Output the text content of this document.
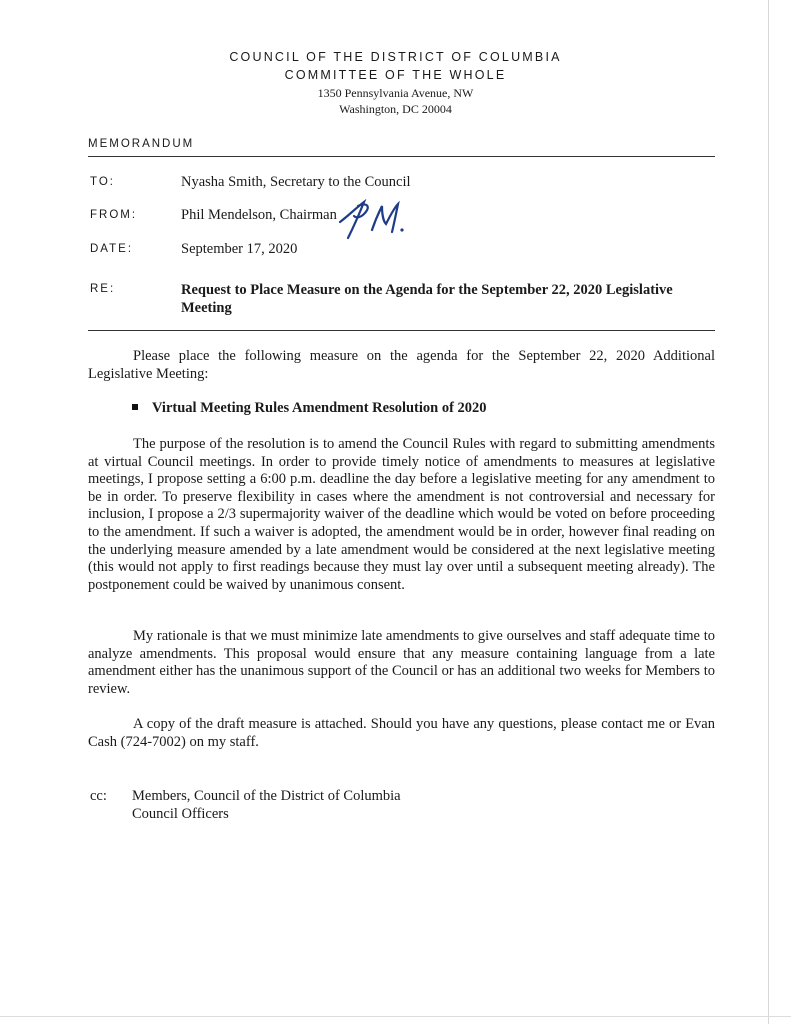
COUNCIL OF THE DISTRICT OF COLUMBIA
COMMITTEE OF THE WHOLE
1350 Pennsylvania Avenue, NW
Washington, DC 20004
MEMORANDUM
TO:	Nyasha Smith, Secretary to the Council
FROM:	Phil Mendelson, Chairman
DATE:	September 17, 2020
RE:	Request to Place Measure on the Agenda for the September 22, 2020 Legislative Meeting
Please place the following measure on the agenda for the September 22, 2020 Additional Legislative Meeting:
Virtual Meeting Rules Amendment Resolution of 2020
The purpose of the resolution is to amend the Council Rules with regard to submitting amendments at virtual Council meetings. In order to provide timely notice of amendments to measures at legislative meetings, I propose setting a 6:00 p.m. deadline the day before a legislative meeting for any amendment to be in order. To preserve flexibility in cases where the amendment is not controversial and necessary for inclusion, I propose a 2/3 supermajority waiver of the deadline which would be voted on before proceeding to the amendment. If such a waiver is adopted, the amendment would be in order, however final reading on the underlying measure amended by a late amendment would be considered at the next legislative meeting (this would not apply to first readings because they must lay over until a subsequent meeting already). The postponement could be waived by unanimous consent.
My rationale is that we must minimize late amendments to give ourselves and staff adequate time to analyze amendments. This proposal would ensure that any measure containing language from a late amendment either has the unanimous support of the Council or has an additional two weeks for Members to review.
A copy of the draft measure is attached. Should you have any questions, please contact me or Evan Cash (724-7002) on my staff.
cc: Members, Council of the District of Columbia
Council Officers
